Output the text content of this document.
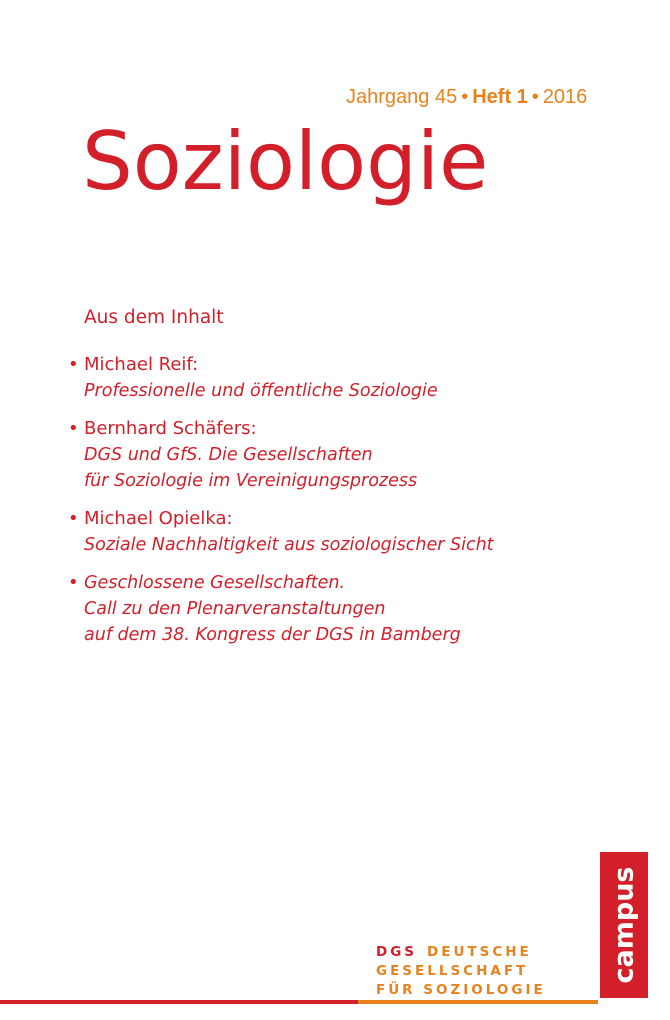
Jahrgang 45 • Heft 1 • 2016
Soziologie
Aus dem Inhalt
• Michael Reif:
Professionelle und öffentliche Soziologie
• Bernhard Schäfers:
DGS und GfS. Die Gesellschaften
für Soziologie im Vereinigungsprozess
• Michael Opielka:
Soziale Nachhaltigkeit aus soziologischer Sicht
• Geschlossene Gesellschaften.
Call zu den Plenarveranstaltungen
auf dem 38. Kongress der DGS in Bamberg
DGS DEUTSCHE
GESELLSCHAFT
FÜR SOZIOLOGIE
campus
